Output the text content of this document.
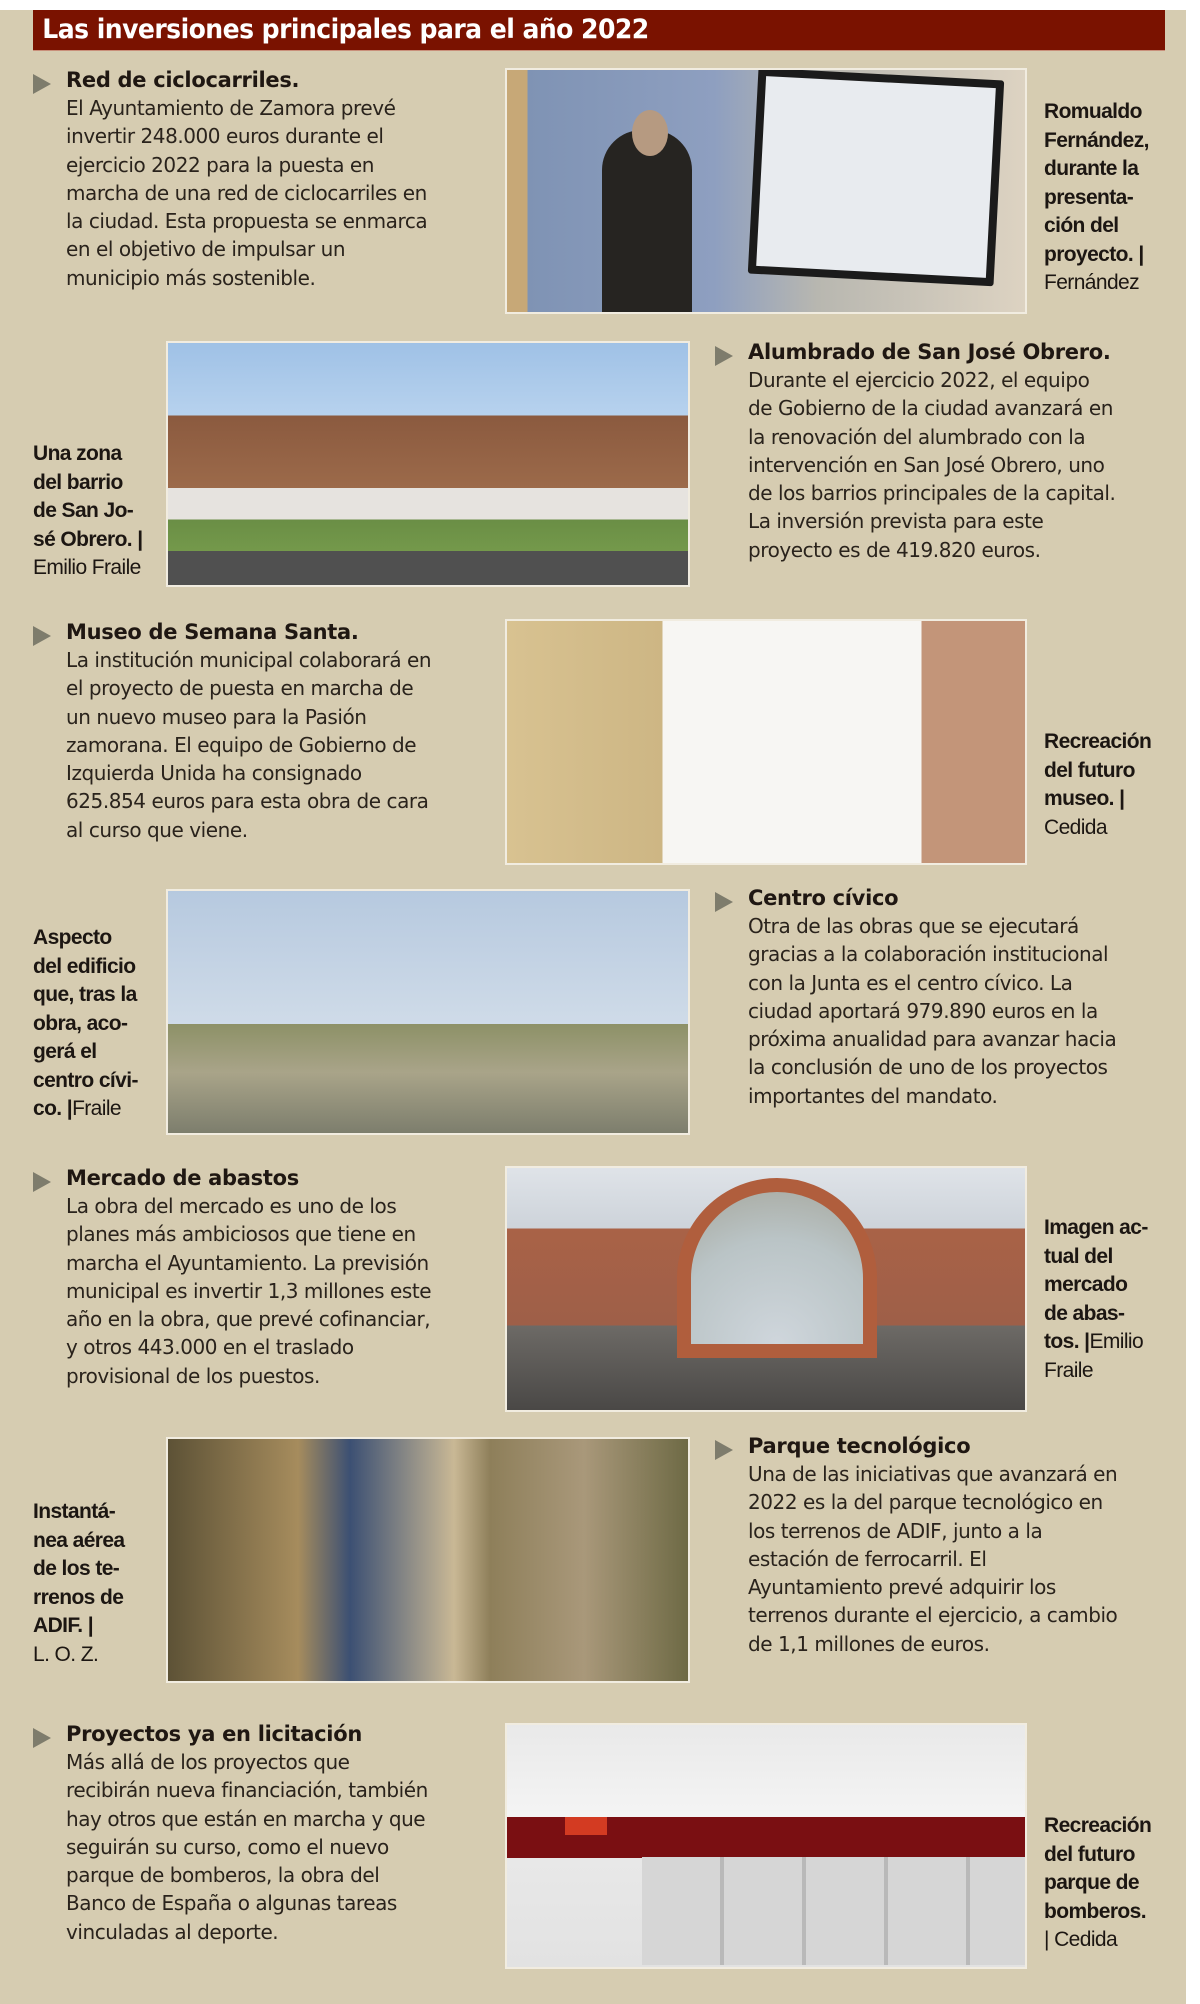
Las inversiones principales para el año 2022
Red de ciclocarriles.

El Ayuntamiento de Zamora prevé
invertir 248.000 euros durante el
ejercicio 2022 para la puesta en
marcha de una red de ciclocarriles en
la ciudad. Esta propuesta se enmarca
en el objetivo de impulsar un
municipio más sostenible.

Romualdo
Fernández,
durante la
presenta-
ción del
proyecto. |
Fernández

Una zona
del barrio
de San Jo-
sé Obrero. |
Emilio Fraile

Alumbrado de San José Obrero.

Durante el ejercicio 2022, el equipo
de Gobierno de la ciudad avanzará en
la renovación del alumbrado con la
intervención en San José Obrero, uno
de los barrios principales de la capital.
La inversión prevista para este
proyecto es de 419.820 euros.

Museo de Semana Santa.

La institución municipal colaborará en
el proyecto de puesta en marcha de
un nuevo museo para la Pasión
zamorana. El equipo de Gobierno de
Izquierda Unida ha consignado
625.854 euros para esta obra de cara
al curso que viene.

Recreación
del futuro
museo. |
Cedida

Aspecto
del edificio
que, tras la
obra, aco-
gerá el
centro cívi-
co. |Fraile

Centro cívico

Otra de las obras que se ejecutará
gracias a la colaboración institucional
con la Junta es el centro cívico. La
ciudad aportará 979.890 euros en la
próxima anualidad para avanzar hacia
la conclusión de uno de los proyectos
importantes del mandato.

Mercado de abastos

La obra del mercado es uno de los
planes más ambiciosos que tiene en
marcha el Ayuntamiento. La previsión
municipal es invertir 1,3 millones este
año en la obra, que prevé cofinanciar,
y otros 443.000 en el traslado
provisional de los puestos.

Imagen ac-
tual del
mercado
de abas-
tos. |Emilio
Fraile

Instantá-
nea aérea
de los te-
rrenos de
ADIF. |
L. O. Z.

Parque tecnológico

Una de las iniciativas que avanzará en
2022 es la del parque tecnológico en
los terrenos de ADIF, junto a la
estación de ferrocarril. El
Ayuntamiento prevé adquirir los
terrenos durante el ejercicio, a cambio
de 1,1 millones de euros.

Proyectos ya en licitación

Más allá de los proyectos que
recibirán nueva financiación, también
hay otros que están en marcha y que
seguirán su curso, como el nuevo
parque de bomberos, la obra del
Banco de España o algunas tareas
vinculadas al deporte.

Recreación
del futuro
parque de
bomberos.
| Cedida
